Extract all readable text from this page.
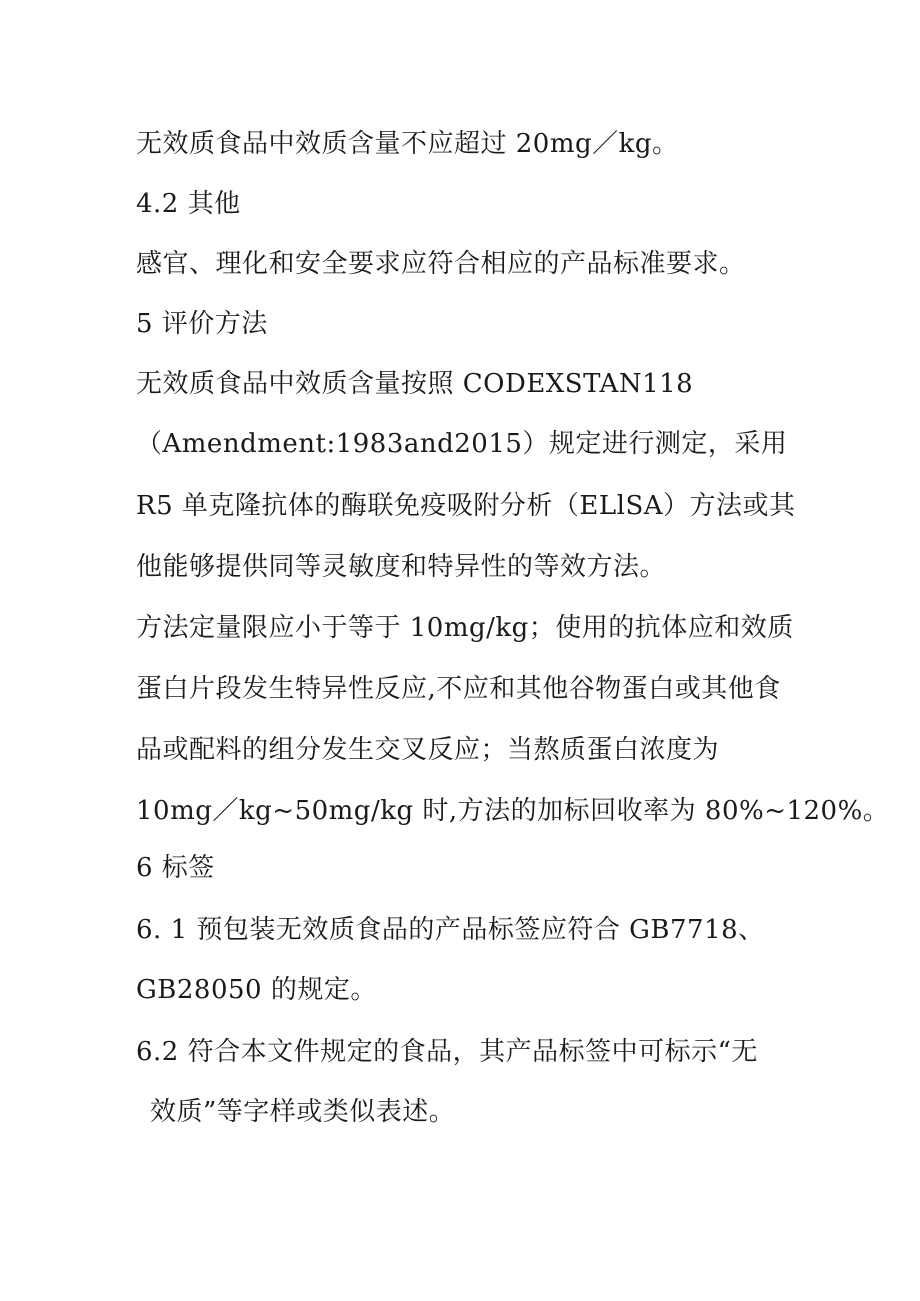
无效质食品中效质含量不应超过 20mg／kg。
4.2 其他
感官、理化和安全要求应符合相应的产品标准要求。
5 评价方法
无效质食品中效质含量按照 CODEXSTAN118
（Amendment:1983and2015）规定进行测定，采用
R5 单克隆抗体的酶联免疫吸附分析（ELlSA）方法或其
他能够提供同等灵敏度和特异性的等效方法。
方法定量限应小于等于 10mg/kg；使用的抗体应和效质
蛋白片段发生特异性反应,不应和其他谷物蛋白或其他食
品或配料的组分发生交叉反应；当熬质蛋白浓度为
10mg／kg~50mg/kg 时,方法的加标回收率为 80%~120%。
6 标签
6. 1 预包装无效质食品的产品标签应符合 GB7718、
GB28050 的规定。
6.2 符合本文件规定的食品，其产品标签中可标示“无
效质”等字样或类似表述。
